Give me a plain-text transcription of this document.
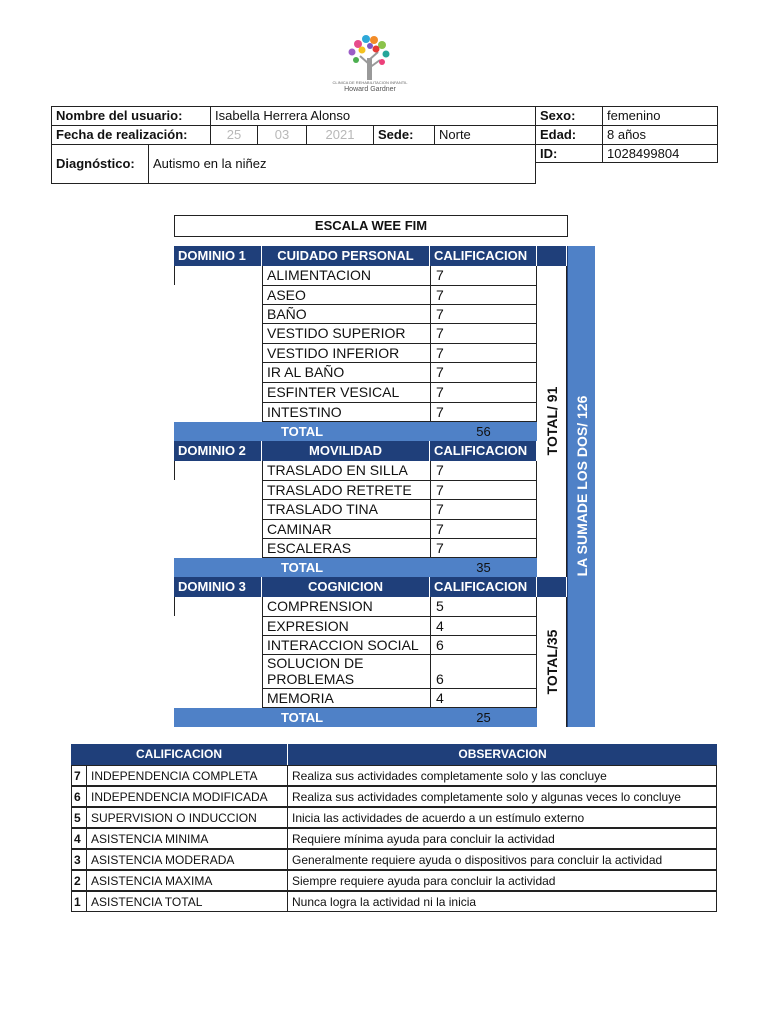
CLINICA DE REHABILITACION INFANTIL
Howard Gardner
Nombre del usuario:	Isabella Herrera Alonso	Sexo:	femenino
Fecha de realización:	25	03	2021	Sede:	Norte	Edad:	8 años
Diagnóstico:	Autismo en la niñez
ID:	1028499804
ESCALA WEE FIM
DOMINIO 1	CUIDADO PERSONAL	CALIFICACION
ALIMENTACION	7
ASEO	7
BAÑO	7
VESTIDO SUPERIOR	7
VESTIDO INFERIOR	7
IR AL BAÑO	7
ESFINTER VESICAL	7
INTESTINO	7
TOTAL	56
DOMINIO 2	MOVILIDAD	CALIFICACION
TRASLADO EN SILLA	7
TRASLADO RETRETE	7
TRASLADO TINA	7
CAMINAR	7
ESCALERAS	7
TOTAL	35
DOMINIO 3	COGNICION	CALIFICACION
COMPRENSION	5
EXPRESION	4
INTERACCION SOCIAL	6
SOLUCION DE
PROBLEMAS	6
MEMORIA	4
TOTAL	25
TOTAL/ 91
TOTAL/35
LA SUMADE LOS DOS/ 126
CALIFICACION	OBSERVACION
7 INDEPENDENCIA COMPLETA	Realiza sus actividades completamente solo y las concluye
6 INDEPENDENCIA MODIFICADA	Realiza sus actividades completamente solo y algunas veces lo concluye
5 SUPERVISION O INDUCCION	Inicia las actividades de acuerdo a un estímulo externo
4 ASISTENCIA MINIMA	Requiere mínima ayuda para concluir la actividad
3 ASISTENCIA MODERADA	Generalmente requiere ayuda o dispositivos para concluir la actividad
2 ASISTENCIA MAXIMA	Siempre requiere ayuda para concluir la actividad
1 ASISTENCIA TOTAL	Nunca logra la actividad ni la inicia
